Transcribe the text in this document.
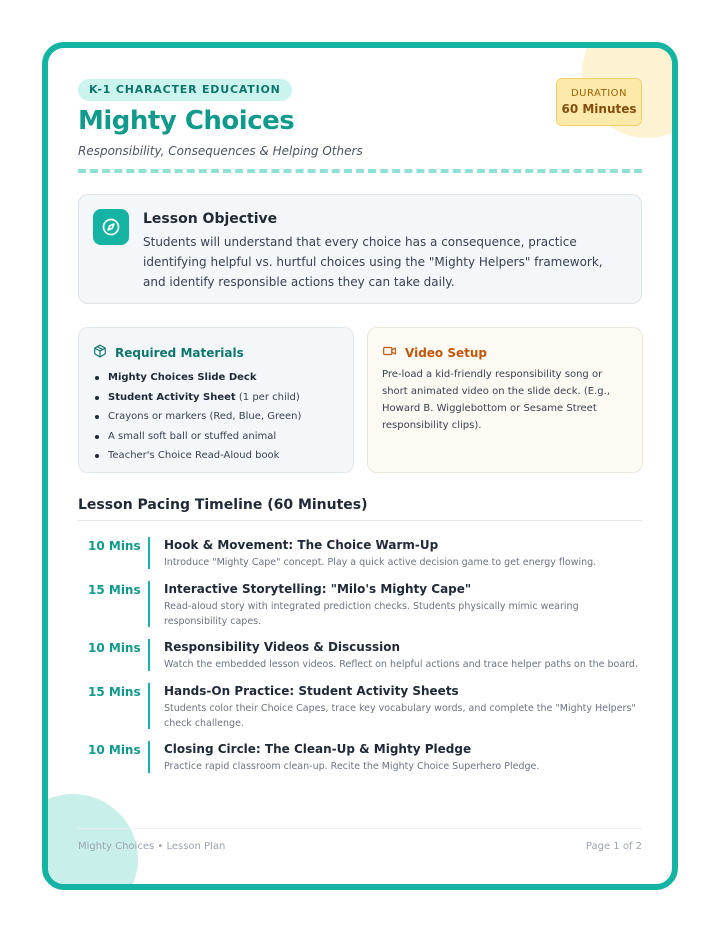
K-1 CHARACTER EDUCATION
Mighty Choices
Responsibility, Consequences & Helping Others
DURATION
60 Minutes
Lesson Objective
Students will understand that every choice has a consequence, practice identifying helpful vs. hurtful choices using the "Mighty Helpers" framework, and identify responsible actions they can take daily.
Required Materials
Mighty Choices Slide Deck
Student Activity Sheet (1 per child)
Crayons or markers (Red, Blue, Green)
A small soft ball or stuffed animal
Teacher's Choice Read-Aloud book
Video Setup
Pre-load a kid-friendly responsibility song or short animated video on the slide deck. (E.g., Howard B. Wigglebottom or Sesame Street responsibility clips).
Lesson Pacing Timeline (60 Minutes)
10 Mins Hook & Movement: The Choice Warm-Up
Introduce "Mighty Cape" concept. Play a quick active decision game to get energy flowing.
15 Mins Interactive Storytelling: "Milo's Mighty Cape"
Read-aloud story with integrated prediction checks. Students physically mimic wearing responsibility capes.
10 Mins Responsibility Videos & Discussion
Watch the embedded lesson videos. Reflect on helpful actions and trace helper paths on the board.
15 Mins Hands-On Practice: Student Activity Sheets
Students color their Choice Capes, trace key vocabulary words, and complete the "Mighty Helpers" check challenge.
10 Mins Closing Circle: The Clean-Up & Mighty Pledge
Practice rapid classroom clean-up. Recite the Mighty Choice Superhero Pledge.
Mighty Choices • Lesson Plan	Page 1 of 2
